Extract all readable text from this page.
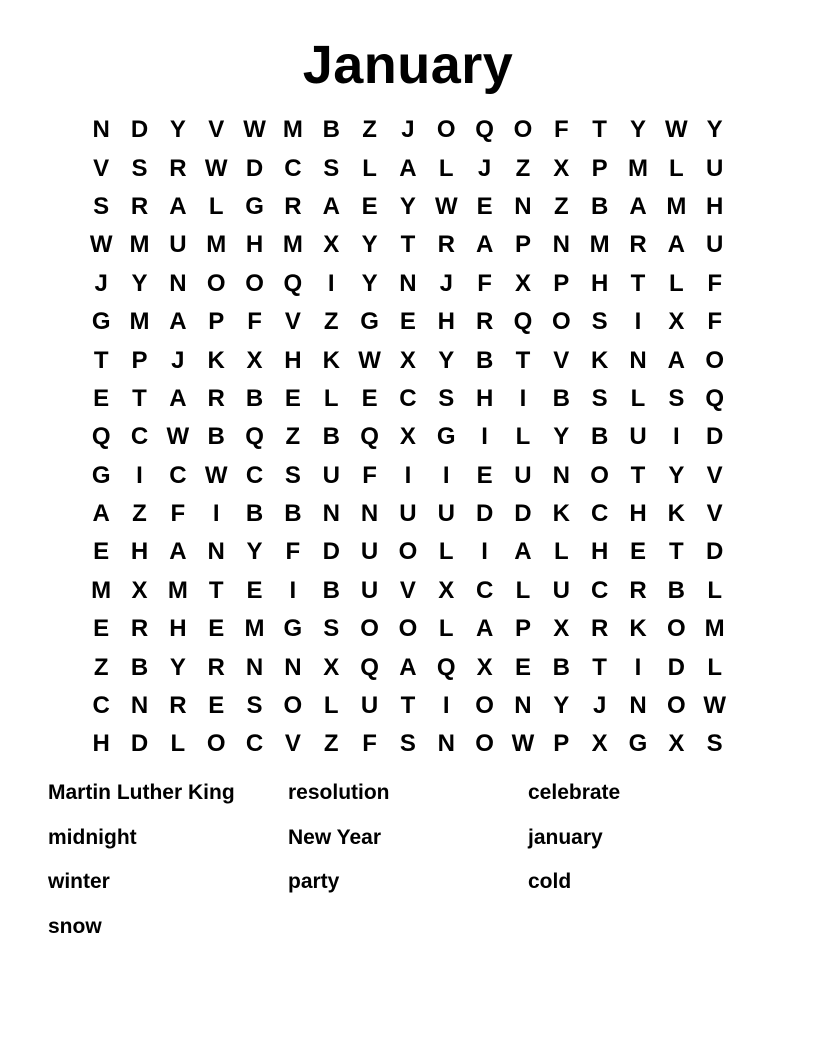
January
N D Y V W M B Z	J O Q O F T Y W Y
V S R W D C S L A L	J	Z X P M L U
S R A L G R A E Y W E N Z B A M H
W M U M H M X Y T R A P N M R A U
J Y N O O Q	I	Y N J	F X P H T L F
G M A P F V Z G E H R Q O S	I	X F
T P J K X H K W X Y B T V K N A O
E T A R B E L E C S H	I	B S L S Q
Q C W B Q Z B Q X G	I	L Y B U	I	D
G	I	C W C S U F	I	I	E U N O T Y V
A Z F	I	B B N N U U D D K C H K V
E H A N Y F D U O L	I	A L H E T D
M X M T E	I	B U V X C L U C R B L
E R H E M G S O O L A P X R K O M
Z B Y R N N X Q A Q X E B T	I	D L
C N R E S O L U T	I	O N Y J N O W
H D L O C V Z F S N O W P X G X S
Martin Luther King	resolution	celebrate
midnight	New Year	january
winter	party	cold
snow
